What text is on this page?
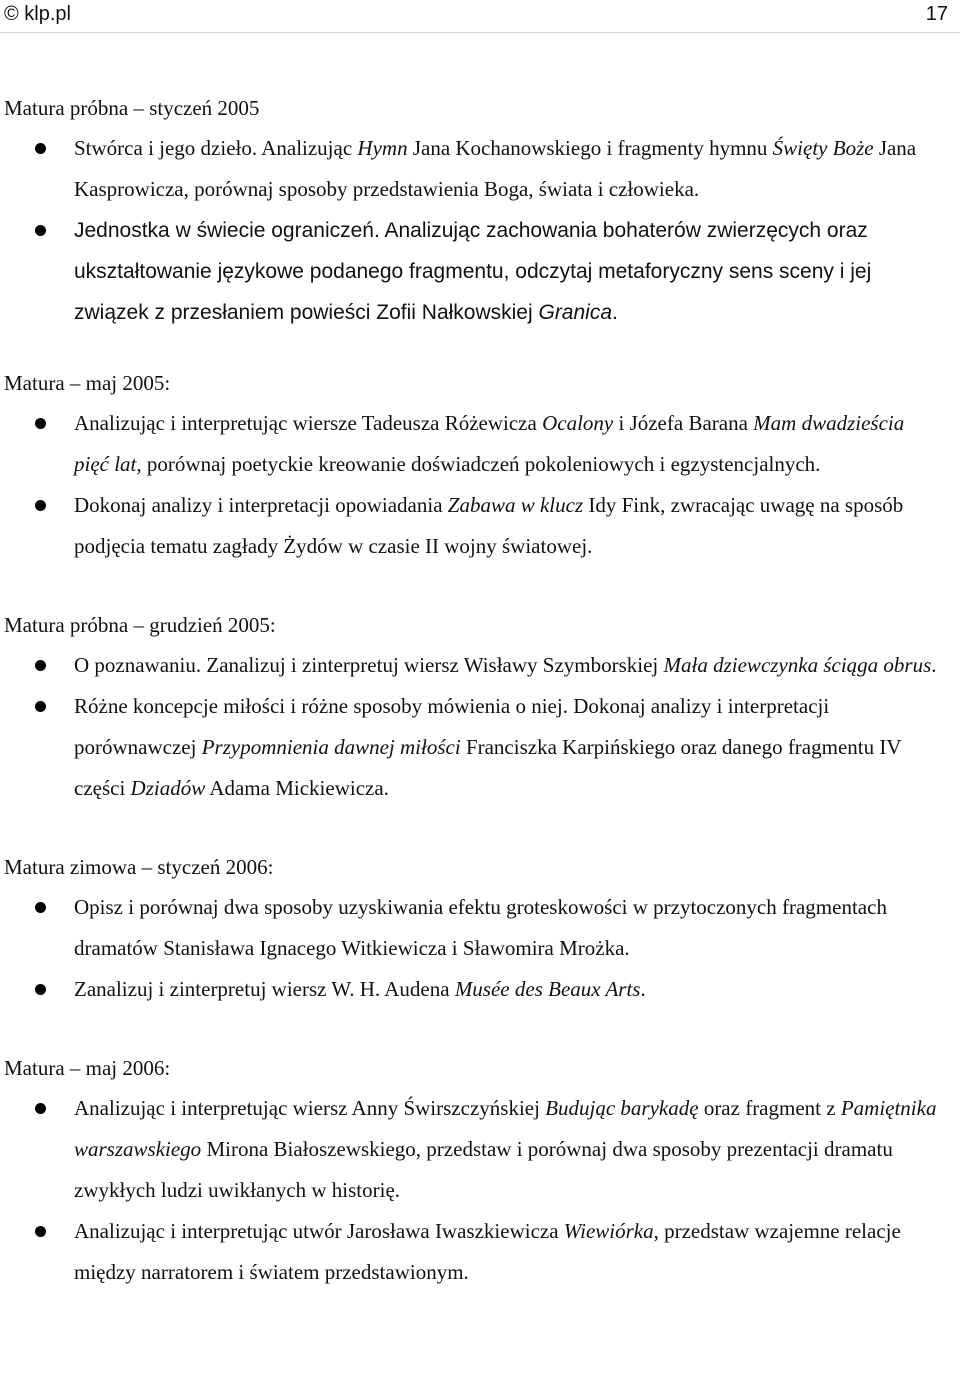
© klp.pl	17
Matura próbna – styczeń 2005
Stwórca i jego dzieło. Analizując Hymn Jana Kochanowskiego i fragmenty hymnu Święty Boże Jana Kasprowicza, porównaj sposoby przedstawienia Boga, świata i człowieka.
Jednostka w świecie ograniczeń. Analizując zachowania bohaterów zwierzęcych oraz ukształtowanie językowe podanego fragmentu, odczytaj metaforyczny sens sceny i jej związek z przesłaniem powieści Zofii Nałkowskiej Granica.
Matura – maj 2005:
Analizując i interpretując wiersze Tadeusza Różewicza Ocalony i Józefa Barana Mam dwadzieścia pięć lat, porównaj poetyckie kreowanie doświadczeń pokoleniowych i egzystencjalnych.
Dokonaj analizy i interpretacji opowiadania Zabawa w klucz Idy Fink, zwracając uwagę na sposób podjęcia tematu zagłady Żydów w czasie II wojny światowej.
Matura próbna – grudzień 2005:
O poznawaniu. Zanalizuj i zinterpretuj wiersz Wisławy Szymborskiej Mała dziewczynka ściąga obrus.
Różne koncepcje miłości i różne sposoby mówienia o niej. Dokonaj analizy i interpretacji porównawczej Przypomnienia dawnej miłości Franciszka Karpińskiego oraz danego fragmentu IV części Dziadów Adama Mickiewicza.
Matura zimowa – styczeń 2006:
Opisz i porównaj dwa sposoby uzyskiwania efektu groteskowości w przytoczonych fragmentach dramatów Stanisława Ignacego Witkiewicza i Sławomira Mrożka.
Zanalizuj i zinterpretuj wiersz W. H. Audena Musée des Beaux Arts.
Matura – maj 2006:
Analizując i interpretując wiersz Anny Świrszczyńskiej Budując barykadę oraz fragment z Pamiętnika warszawskiego Mirona Białoszewskiego, przedstaw i porównaj dwa sposoby prezentacji dramatu zwykłych ludzi uwikłanych w historię.
Analizując i interpretując utwór Jarosława Iwaszkiewicza Wiewiórka, przedstaw wzajemne relacje między narratorem i światem przedstawionym.
